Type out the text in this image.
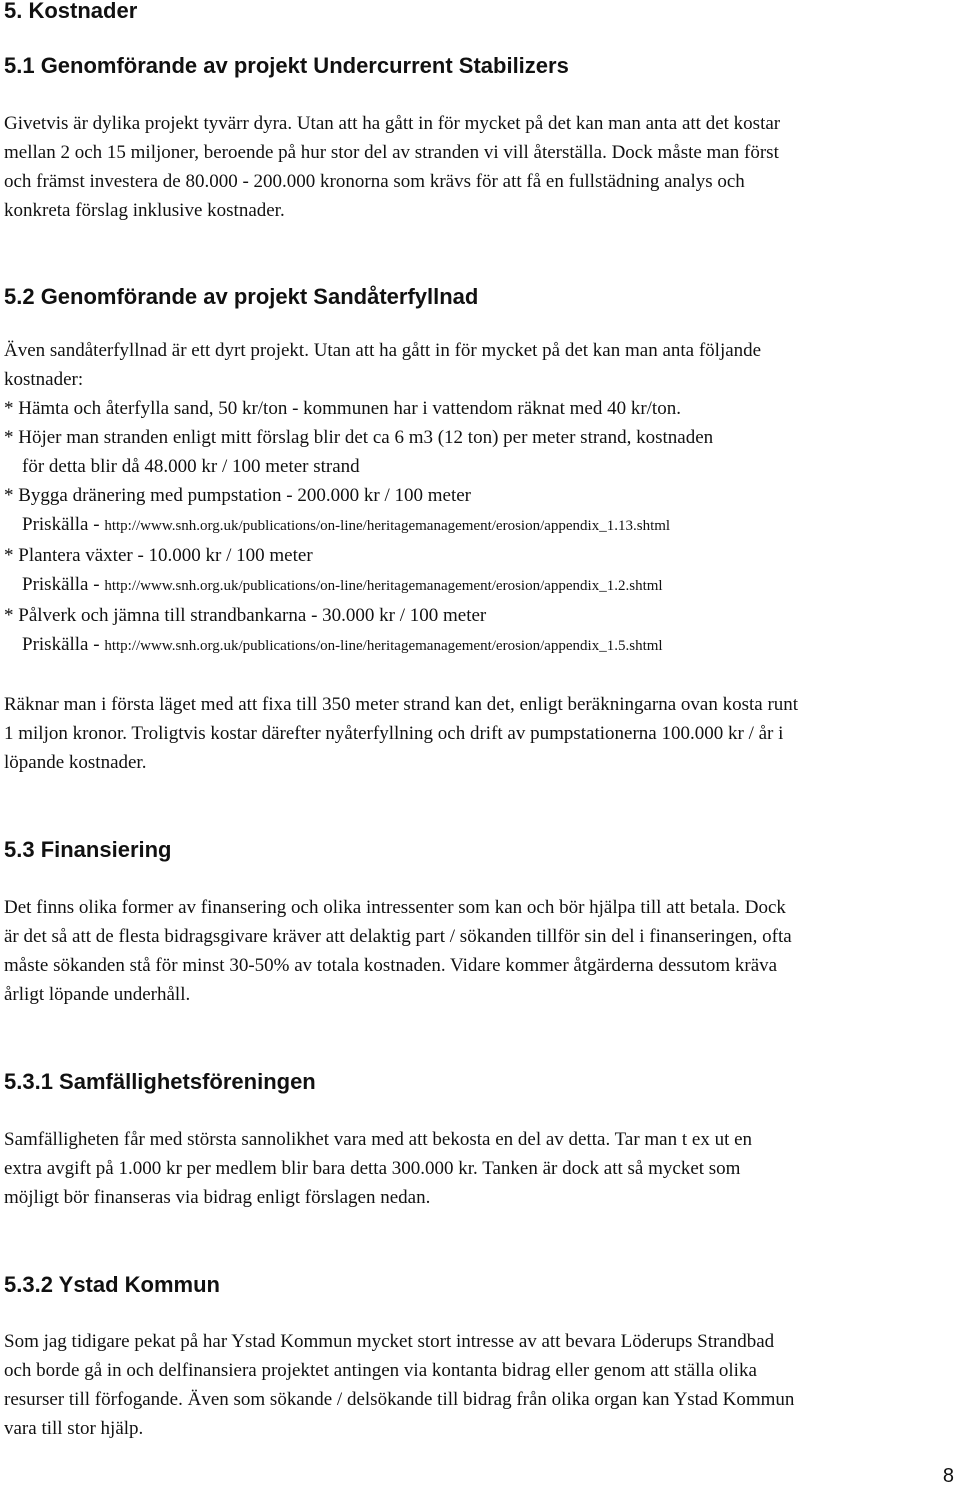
5. Kostnader
5.1 Genomförande av projekt Undercurrent Stabilizers

Givetvis är dylika projekt tyvärr dyra. Utan att ha gått in för mycket på det kan man anta att det kostar

mellan 2 och 15 miljoner, beroende på hur stor del av stranden vi vill återställa. Dock måste man först

och främst investera de 80.000 - 200.000 kronorna som krävs för att få en fullstädning analys och

konkreta förslag inklusive kostnader.

5.2 Genomförande av projekt Sandåterfyllnad

Även sandåterfyllnad är ett dyrt projekt. Utan att ha gått in för mycket på det kan man anta följande

kostnader:

* Hämta och återfylla sand, 50 kr/ton - kommunen har i vattendom räknat med 40 kr/ton.

* Höjer man stranden enligt mitt förslag blir det ca 6 m3 (12 ton) per meter strand, kostnaden

för detta blir då 48.000 kr / 100 meter strand

* Bygga dränering med pumpstation - 200.000 kr / 100 meter

Priskälla - http://www.snh.org.uk/publications/on-line/heritagemanagement/erosion/appendix_1.13.shtml

* Plantera växter - 10.000 kr / 100 meter

Priskälla - http://www.snh.org.uk/publications/on-line/heritagemanagement/erosion/appendix_1.2.shtml

* Pålverk och jämna till strandbankarna - 30.000 kr / 100 meter

Priskälla - http://www.snh.org.uk/publications/on-line/heritagemanagement/erosion/appendix_1.5.shtml

Räknar man i första läget med att fixa till 350 meter strand kan det, enligt beräkningarna ovan kosta runt

1 miljon kronor. Troligtvis kostar därefter nyåterfyllning och drift av pumpstationerna 100.000 kr / år i

löpande kostnader.

5.3 Finansiering

Det finns olika former av finansering och olika intressenter som kan och bör hjälpa till att betala. Dock

är det så att de flesta bidragsgivare kräver att delaktig part / sökanden tillför sin del i finanseringen, ofta

måste sökanden stå för minst 30-50% av totala kostnaden. Vidare kommer åtgärderna dessutom kräva

årligt löpande underhåll.

5.3.1 Samfällighetsföreningen

Samfälligheten får med största sannolikhet vara med att bekosta en del av detta. Tar man t ex ut en

extra avgift på 1.000 kr per medlem blir bara detta 300.000 kr. Tanken är dock att så mycket som

möjligt bör finanseras via bidrag enligt förslagen nedan.

5.3.2 Ystad Kommun

Som jag tidigare pekat på har Ystad Kommun mycket stort intresse av att bevara Löderups Strandbad

och borde gå in och delfinansiera projektet antingen via kontanta bidrag eller genom att ställa olika

resurser till förfogande. Även som sökande / delsökande till bidrag från olika organ kan Ystad Kommun

vara till stor hjälp.

8
